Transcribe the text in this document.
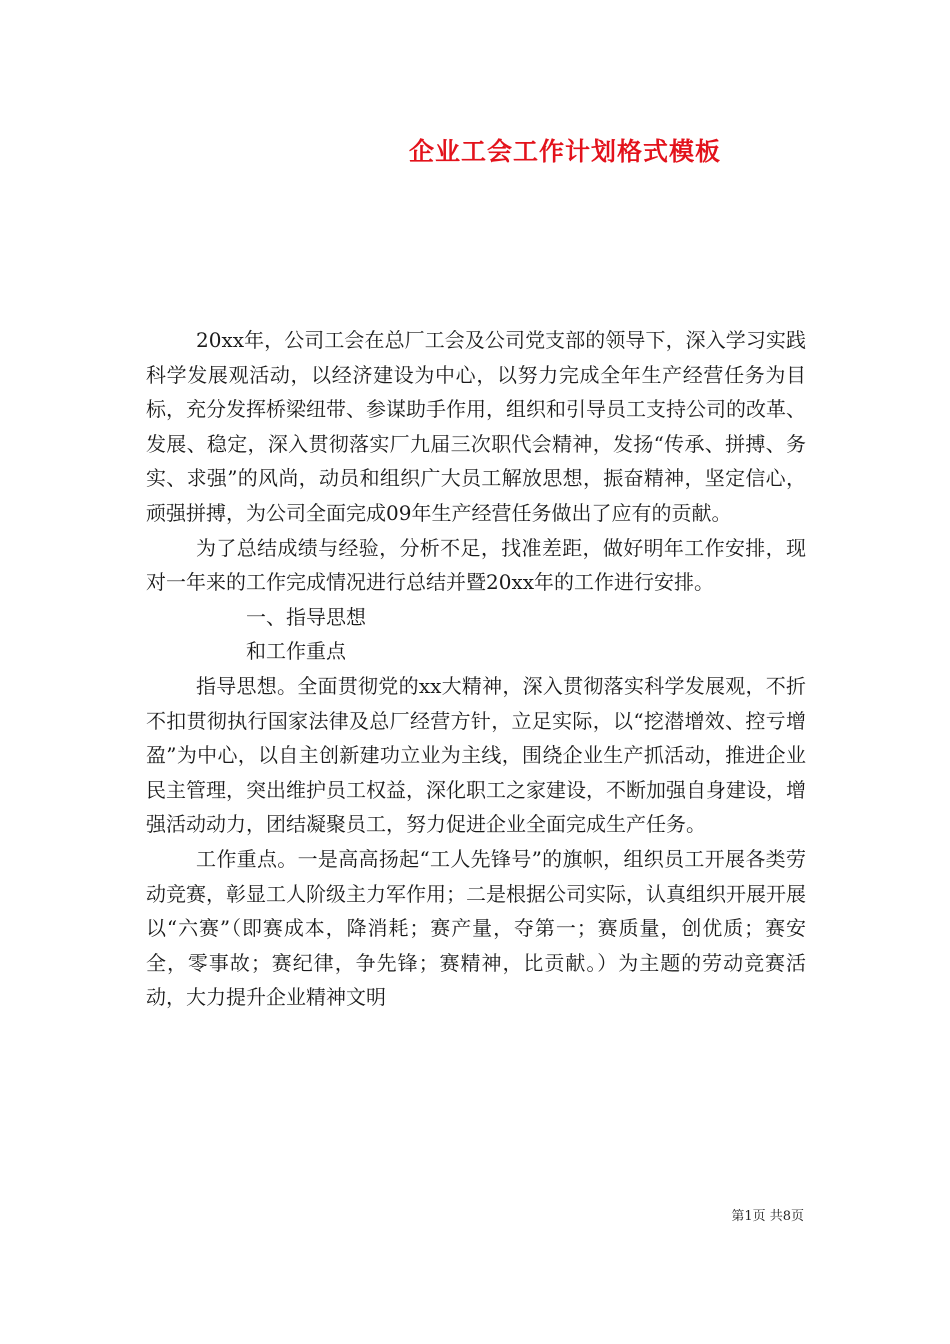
企业工会工作计划格式模板

20xx年，公司工会在总厂工会及公司党支部的领导下，深入学习实践科学发展观活动，以经济建设为中心，以努力完成全年生产经营任务为目标，充分发挥桥梁纽带、参谋助手作用，组织和引导员工支持公司的改革、发展、稳定，深入贯彻落实厂九届三次职代会精神，发扬“传承、拼搏、务实、求强”的风尚，动员和组织广大员工解放思想，振奋精神，坚定信心，顽强拼搏，为公司全面完成09年生产经营任务做出了应有的贡献。

为了总结成绩与经验，分析不足，找准差距，做好明年工作安排，现对一年来的工作完成情况进行总结并暨20xx年的工作进行安排。

一、指导思想

和工作重点

指导思想。全面贯彻党的xx大精神，深入贯彻落实科学发展观，不折不扣贯彻执行国家法律及总厂经营方针，立足实际，以“挖潜增效、控亏增盈”为中心，以自主创新建功立业为主线，围绕企业生产抓活动，推进企业民主管理，突出维护员工权益，深化职工之家建设，不断加强自身建设，增强活动动力，团结凝聚员工，努力促进企业全面完成生产任务。

工作重点。一是高高扬起“工人先锋号”的旗帜，组织员工开展各类劳动竞赛，彰显工人阶级主力军作用；二是根据公司实际，认真组织开展开展以“六赛”（即赛成本，降消耗；赛产量，夺第一；赛质量，创优质；赛安全，零事故；赛纪律，争先锋；赛精神，比贡献。）为主题的劳动竞赛活动，大力提升企业精神文明

第1页 共8页
